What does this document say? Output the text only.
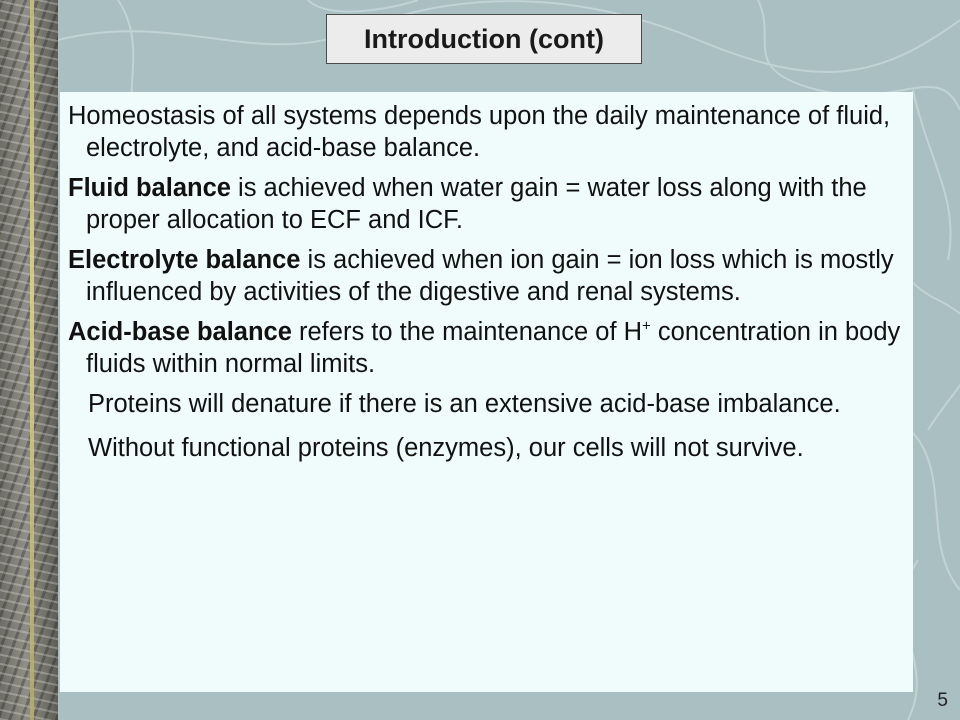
Introduction (cont)

Homeostasis of all systems depends upon the daily maintenance of fluid, electrolyte, and acid-base balance.

Fluid balance is achieved when water gain = water loss along with the proper allocation to ECF and ICF.

Electrolyte balance is achieved when ion gain = ion loss which is mostly influenced by activities of the digestive and renal systems.

Acid-base balance refers to the maintenance of H+ concentration in body fluids within normal limits.

Proteins will denature if there is an extensive acid-base imbalance.

Without functional proteins (enzymes), our cells will not survive.

5
